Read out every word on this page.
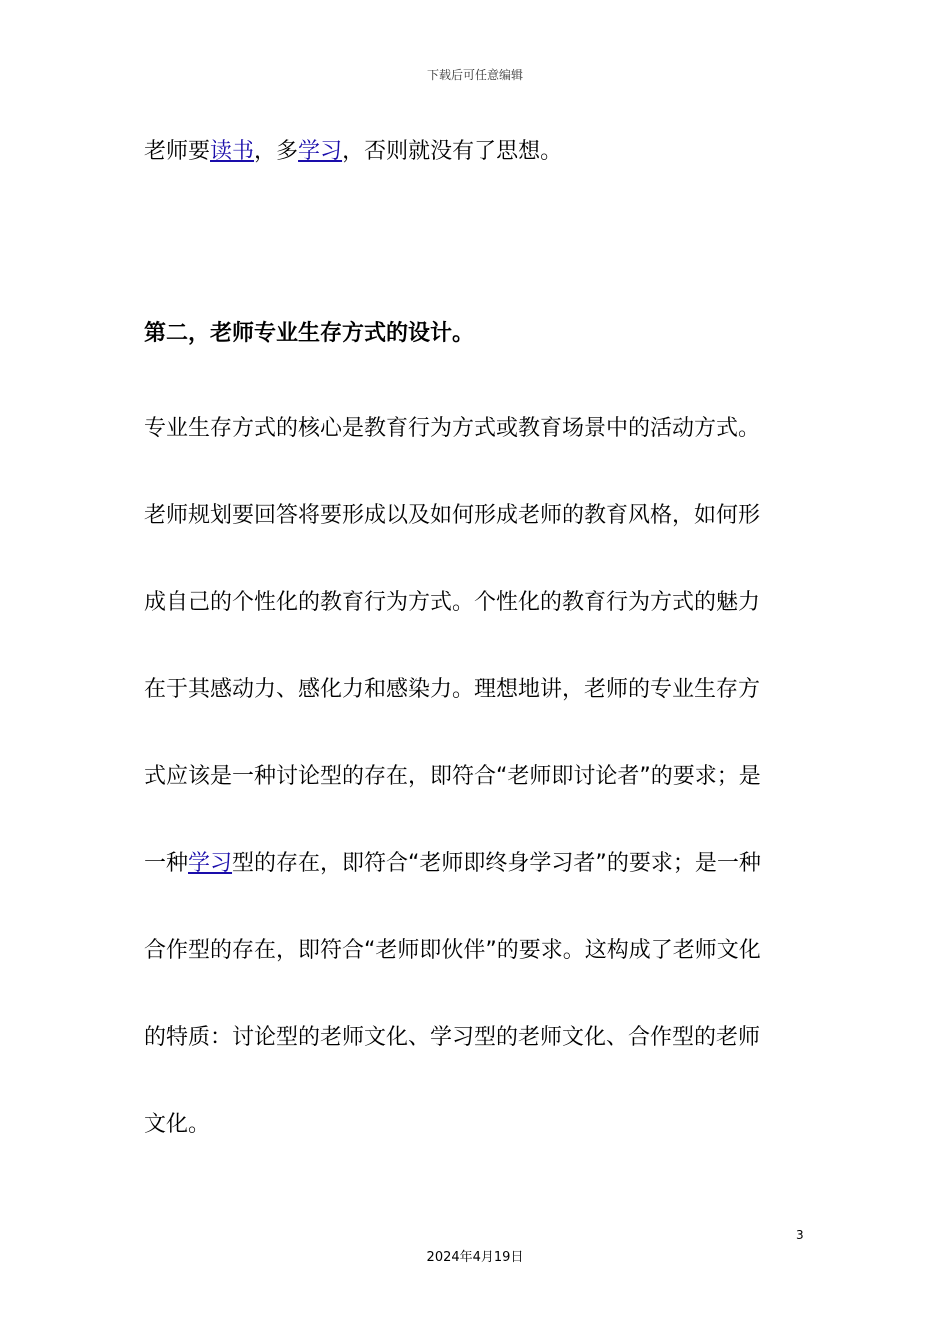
下载后可任意编辑
老师要读书，多学习，否则就没有了思想。
第二，老师专业生存方式的设计。
专业生存方式的核心是教育行为方式或教育场景中的活动方式。
老师规划要回答将要形成以及如何形成老师的教育风格，如何形
成自己的个性化的教育行为方式。个性化的教育行为方式的魅力
在于其感动力、感化力和感染力。理想地讲，老师的专业生存方
式应该是一种讨论型的存在，即符合“老师即讨论者”的要求；是
一种学习型的存在，即符合“老师即终身学习者”的要求；是一种
合作型的存在，即符合“老师即伙伴”的要求。这构成了老师文化
的特质：讨论型的老师文化、学习型的老师文化、合作型的老师
文化。
3
2024年4月19日
